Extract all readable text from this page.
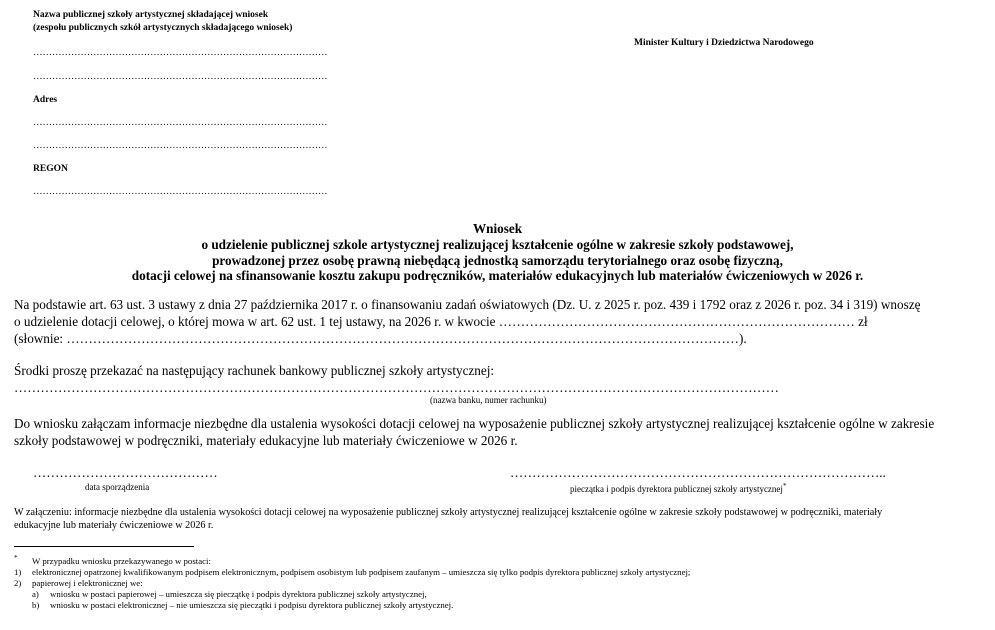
Nazwa publicznej szkoły artystycznej składającej wniosek
(zespołu publicznych szkół artystycznych składającego wniosek)
…………………………………………………………………………………
…………………………………………………………………………………
Adres
…………………………………………………………………………………
…………………………………………………………………………………
REGON
…………………………………………………………………………………
Minister Kultury i Dziedzictwa Narodowego
Wniosek
o udzielenie publicznej szkole artystycznej realizującej kształcenie ogólne w zakresie szkoły podstawowej,
prowadzonej przez osobę prawną niebędącą jednostką samorządu terytorialnego oraz osobę fizyczną,
dotacji celowej na sfinansowanie kosztu zakupu podręczników, materiałów edukacyjnych lub materiałów ćwiczeniowych w 2026 r.
Na podstawie art. 63 ust. 3 ustawy z dnia 27 października 2017 r. o finansowaniu zadań oświatowych (Dz. U. z 2025 r. poz. 439 i 1792 oraz z 2026 r. poz. 34 i 319) wnoszę
o udzielenie dotacji celowej, o której mowa w art. 62 ust. 1 tej ustawy, na 2026 r. w kwocie ……………………………………………………………………… zł
(słownie: ………………………………………………………………………………………………………………………………………).
Środki proszę przekazać na następujący rachunek bankowy publicznej szkoły artystycznej:
…………………………………………………………………………………………………………………………………………………………
(nazwa banku, numer rachunku)
Do wniosku załączam informacje niezbędne dla ustalenia wysokości dotacji celowej na wyposażenie publicznej szkoły artystycznej realizującej kształcenie ogólne w zakresie
szkoły podstawowej w podręczniki, materiały edukacyjne lub materiały ćwiczeniowe w 2026 r.
……………………………………
data sporządzenia
…………………………………………………………………………..
pieczątka i podpis dyrektora publicznej szkoły artystycznej*
W załączeniu: informacje niezbędne dla ustalenia wysokości dotacji celowej na wyposażenie publicznej szkoły artystycznej realizującej kształcenie ogólne w zakresie szkoły podstawowej w podręczniki, materiały
edukacyjne lub materiały ćwiczeniowe w 2026 r.
* W przypadku wniosku przekazywanego w postaci:
1) elektronicznej opatrzonej kwalifikowanym podpisem elektronicznym, podpisem osobistym lub podpisem zaufanym – umieszcza się tylko podpis dyrektora publicznej szkoły artystycznej;
2) papierowej i elektronicznej we:
a) wniosku w postaci papierowej – umieszcza się pieczątkę i podpis dyrektora publicznej szkoły artystycznej,
b) wniosku w postaci elektronicznej – nie umieszcza się pieczątki i podpisu dyrektora publicznej szkoły artystycznej.
